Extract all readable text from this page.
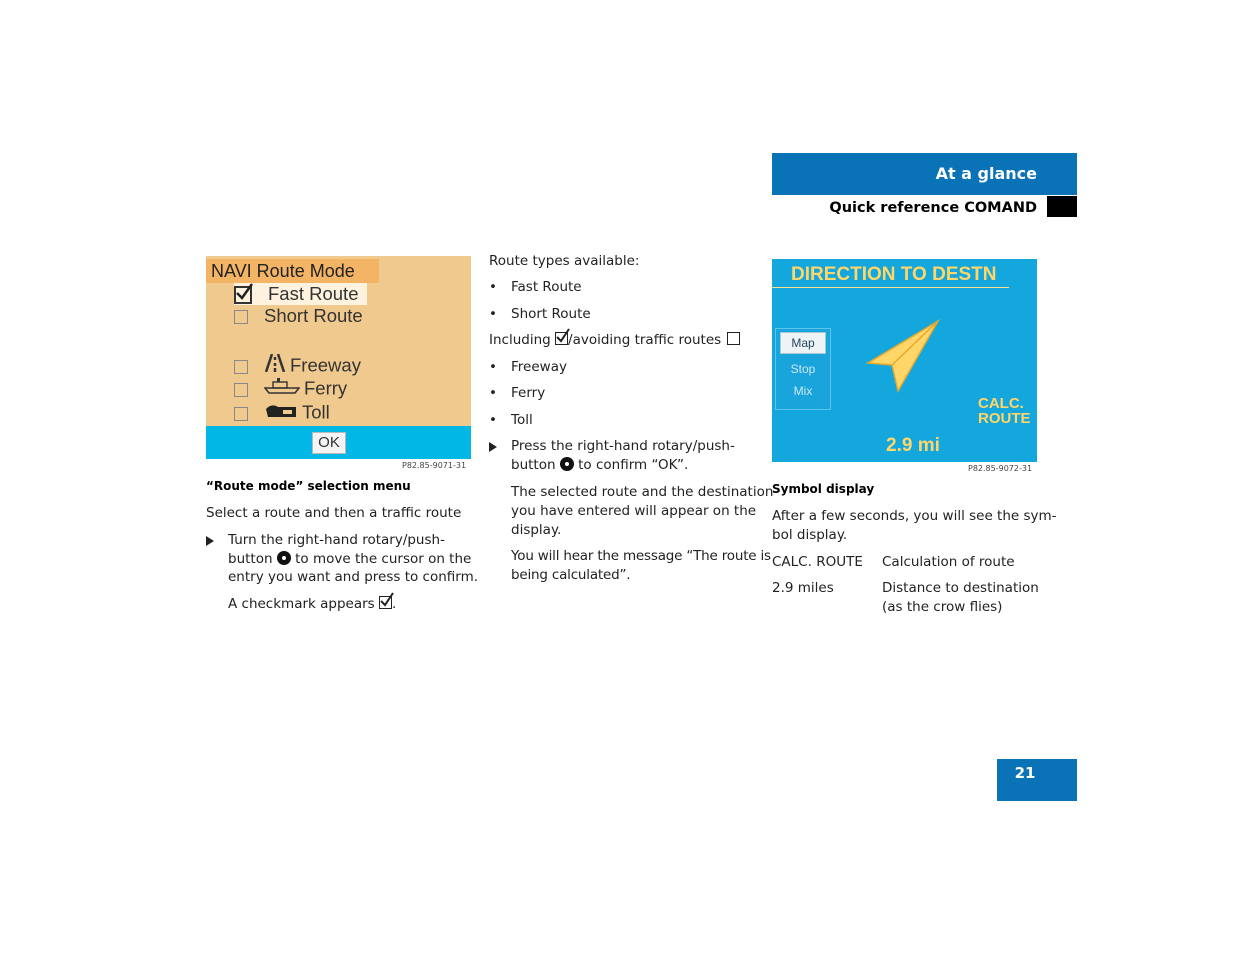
At a glance
Quick reference COMAND
NAVI Route Mode
Fast Route
Short Route
Freeway
Ferry
Toll
OK
P82.85-9071-31
“Route mode” selection menu
Select a route and then a traffic route
Turn the right-hand rotary/push-
button to move the cursor on the
entry you want and press to confirm.
A checkmark appears .
Route types available:
• Fast Route
• Short Route
Including /avoiding traffic routes
• Freeway
• Ferry
• Toll
Press the right-hand rotary/push-
button to confirm “OK”.
The selected route and the destination
you have entered will appear on the
display.
You will hear the message “The route is
being calculated”.
DIRECTION TO DESTN
Map
Stop
Mix
CALC.
ROUTE
2.9 mi
P82.85-9072-31
Symbol display
After a few seconds, you will see the sym-
bol display.
CALC. ROUTE Calculation of route
2.9 miles	Distance to destination
(as the crow flies)
21
